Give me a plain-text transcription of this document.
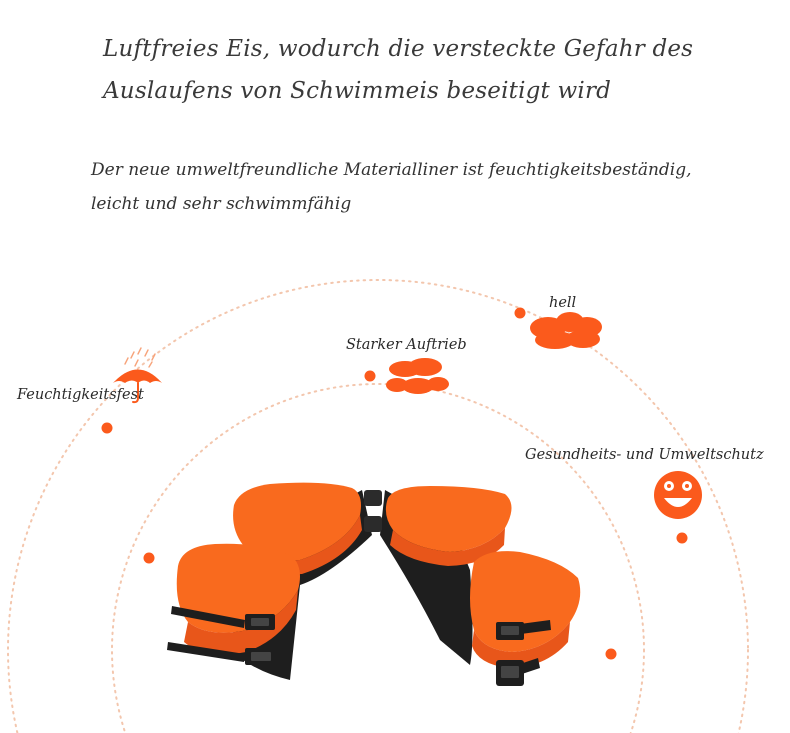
Luftfreies Eis, wodurch die versteckte Gefahr des
Auslaufens von Schwimmeis beseitigt wird
Der neue umweltfreundliche Materialliner ist feuchtigkeitsbeständig,
leicht und sehr schwimmfähig
Feuchtigkeitsfest
Starker Auftrieb
hell
Gesundheits- und Umweltschutz
